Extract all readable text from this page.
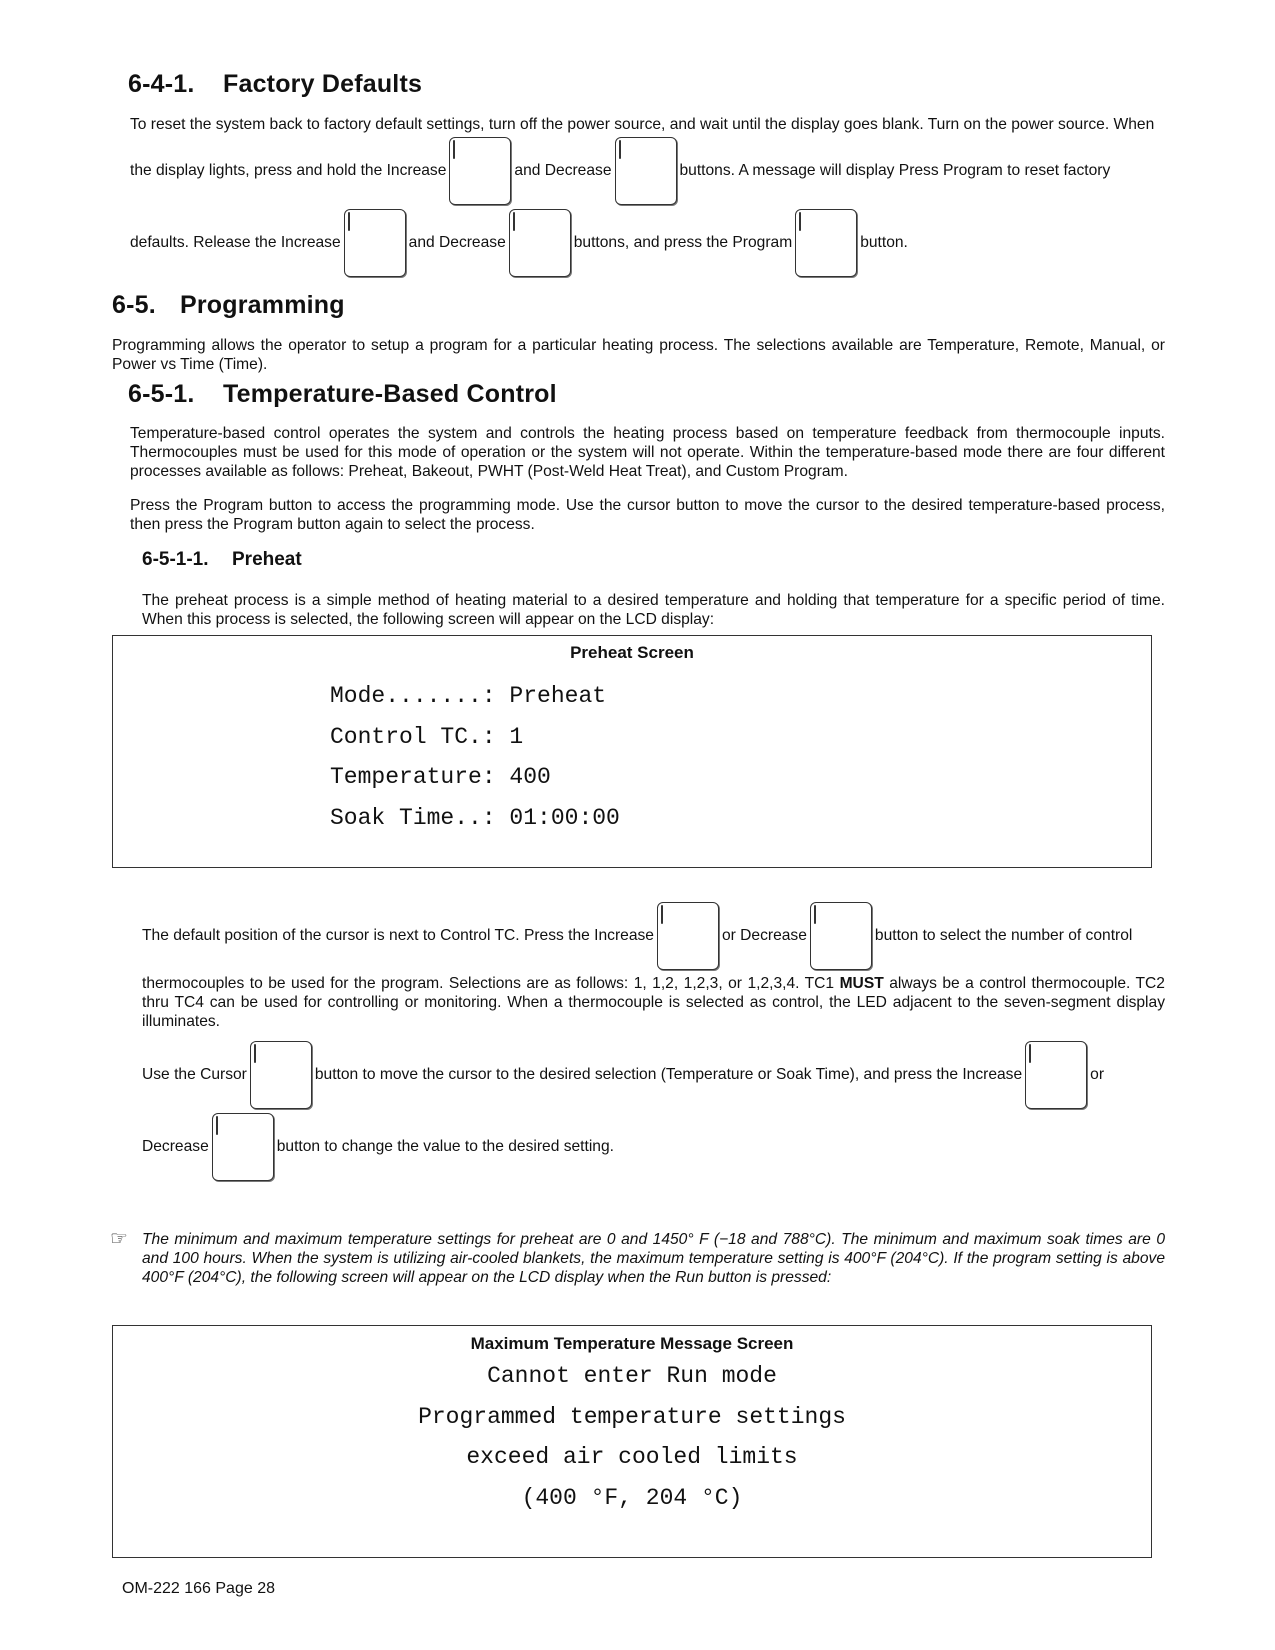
6-4-1. Factory Defaults

To reset the system back to factory default settings, turn off the power source, and wait until the display goes blank. Turn on the power source. When

the display lights, press and hold the Increase	and Decrease	buttons. A message will display Press Program to reset factory
defaults. Release the Increase	and Decrease	buttons, and press the Program	button.
6-5. Programming

Programming allows the operator to setup a program for a particular heating process. The selections available are Temperature, Remote, Manual, or Power vs Time (Time).

6-5-1. Temperature-Based Control

Temperature-based control operates the system and controls the heating process based on temperature feedback from thermocouple inputs. Thermocouples must be used for this mode of operation or the system will not operate. Within the temperature-based mode there are four different processes available as follows: Preheat, Bakeout, PWHT (Post-Weld Heat Treat), and Custom Program.

Press the Program button to access the programming mode. Use the cursor button to move the cursor to the desired temperature-based process, then press the Program button again to select the process.

6-5-1-1. Preheat

The preheat process is a simple method of heating material to a desired temperature and holding that temperature for a specific period of time. When this process is selected, the following screen will appear on the LCD display:

Preheat Screen
Mode.......: Preheat
Control TC.: 1
Temperature: 400
Soak Time..: 01:00:00
The default position of the cursor is next to Control TC. Press the Increase	or Decrease	button to select the number of control

thermocouples to be used for the program. Selections are as follows: 1, 1,2, 1,2,3, or 1,2,3,4. TC1 MUST always be a control thermocouple. TC2 thru TC4 can be used for controlling or monitoring. When a thermocouple is selected as control, the LED adjacent to the seven-segment display illuminates.

Use the Cursor	button to move the cursor to the desired selection (Temperature or Soak Time), and press the Increase	or
Decrease	button to change the value to the desired setting.
☞ The minimum and maximum temperature settings for preheat are 0 and 1450° F (−18 and 788°C). The minimum and maximum soak times are 0 and 100 hours. When the system is utilizing air-cooled blankets, the maximum temperature setting is 400°F (204°C). If the program setting is above 400°F (204°C), the following screen will appear on the LCD display when the Run button is pressed:

Maximum Temperature Message Screen
Cannot enter Run mode
Programmed temperature settings
exceed air cooled limits
(400 °F, 204 °C)
OM-222 166 Page 28
